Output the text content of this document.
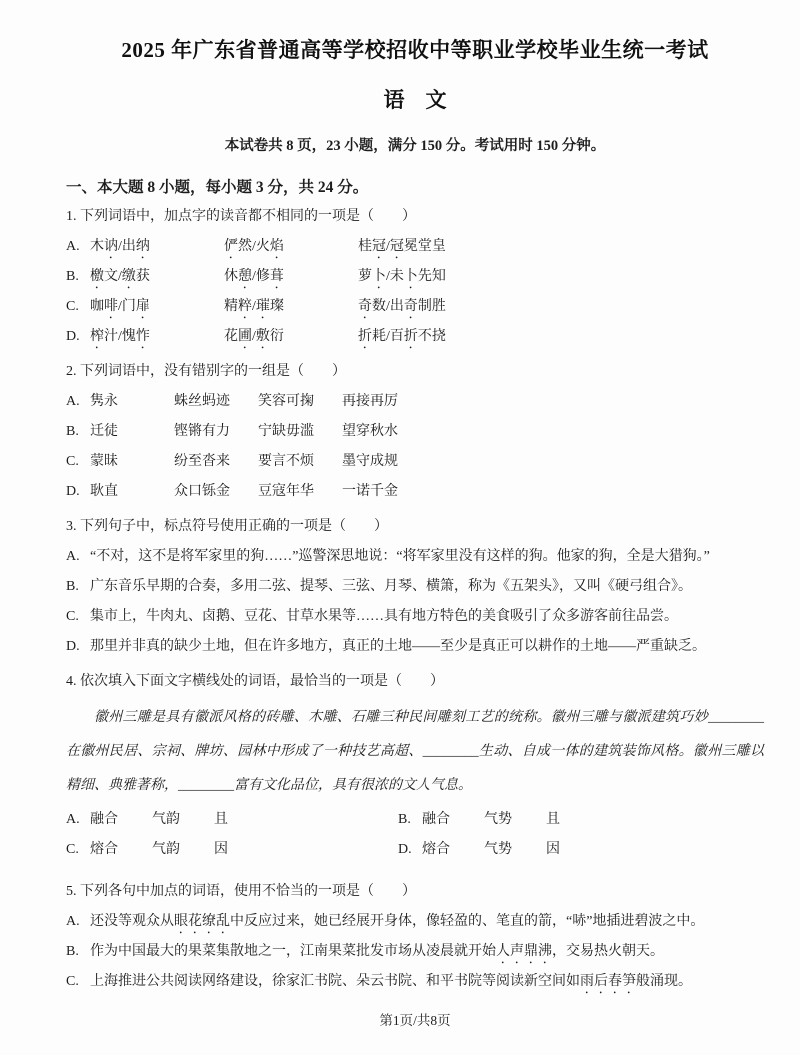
2025 年广东省普通高等学校招收中等职业学校毕业生统一考试
语　文
本试卷共 8 页，23 小题，满分 150 分。考试用时 150 分钟。
一、本大题 8 小题，每小题 3 分，共 24 分。
1. 下列词语中，加点字的读音都不相同的一项是（　　）
A. 木讷/出纳	俨然/火焰	桂冠/冠冕堂皇
B. 檄文/缴获	休憩/修葺	萝卜/未卜先知
C. 咖啡/门扉	精粹/璀璨	奇数/出奇制胜
D. 榨汁/愧怍	花圃/敷衍	折耗/百折不挠
2. 下列词语中，没有错别字的一组是（　　）
A. 隽永	蛛丝蚂迹 笑容可掬 再接再厉
B. 迁徒	铿锵有力 宁缺毋滥 望穿秋水
C. 蒙昧	纷至沓来 要言不烦 墨守成规
D. 耿直	众口铄金 豆寇年华 一诺千金
3. 下列句子中，标点符号使用正确的一项是（　　）
A. “不对，这不是将军家里的狗……”巡警深思地说：“将军家里没有这样的狗。他家的狗，全是大猎狗。”
B. 广东音乐早期的合奏，多用二弦、提琴、三弦、月琴、横箫，称为《五架头》，又叫《硬弓组合》。
C. 集市上，牛肉丸、卤鹅、豆花、甘草水果等……具有地方特色的美食吸引了众多游客前往品尝。
D. 那里并非真的缺少土地，但在许多地方，真正的土地——至少是真正可以耕作的土地——严重缺乏。
4. 依次填入下面文字横线处的词语，最恰当的一项是（　　）

徽州三雕是具有徽派风格的砖雕、木雕、石雕三种民间雕刻工艺的统称。徽州三雕与徽派建筑巧妙________在徽州民居、宗祠、牌坊、园林中形成了一种技艺高超、________生动、自成一体的建筑装饰风格。徽州三雕以精细、典雅著称，________富有文化品位，具有很浓的文人气息。

A. 融合 气韵 且	B. 融合 气势 且
C. 熔合 气韵 因	D. 熔合 气势 因
5. 下列各句中加点的词语，使用不恰当的一项是（　　）
A. 还没等观众从眼花缭乱中反应过来，她已经展开身体，像轻盈的、笔直的箭，“哧”地插进碧波之中。
B. 作为中国最大的果菜集散地之一，江南果菜批发市场从凌晨就开始人声鼎沸，交易热火朝天。
C. 上海推进公共阅读网络建设，徐家汇书院、朵云书院、和平书院等阅读新空间如雨后春笋般涌现。
第1页/共8页
